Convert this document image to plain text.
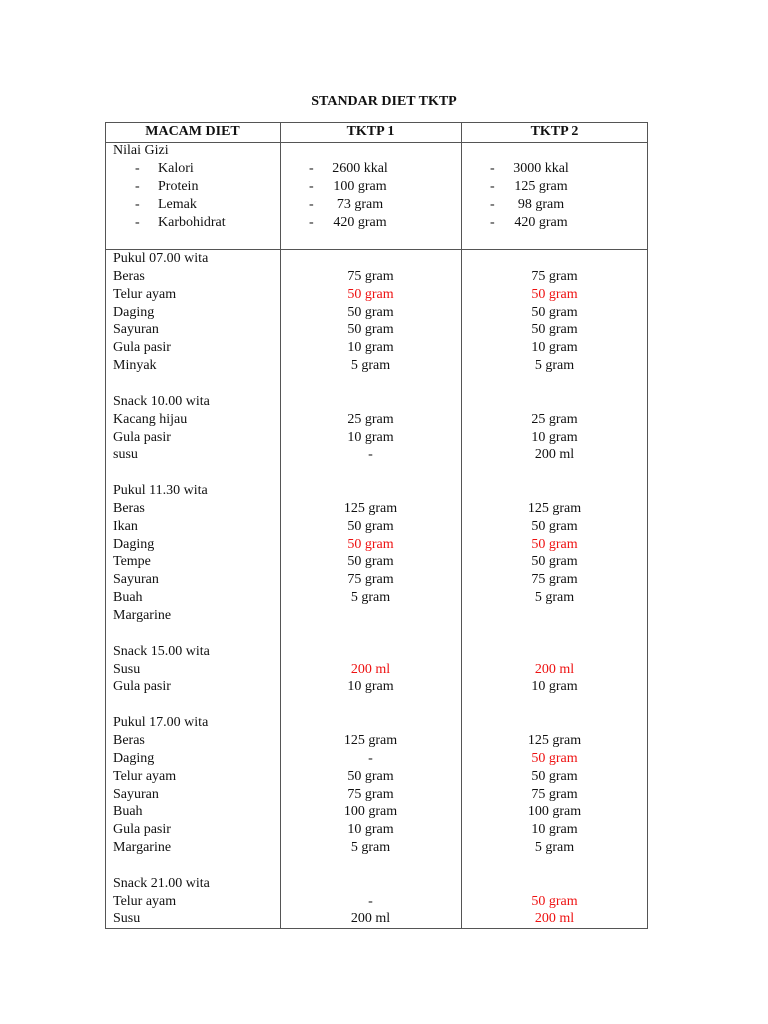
STANDAR DIET TKTP
MACAM DIET	TKTP 1	TKTP 2
Nilai Gizi
- Kalori	-	2600 kkal	-	3000 kkal
- Protein	-	100 gram	-	125 gram
- Lemak	-	73 gram	-	98 gram
- Karbohidrat	-	420 gram	-	420 gram
Pukul 07.00 wita
Beras	75 gram	75 gram
Telur ayam	50 gram	50 gram
Daging	50 gram	50 gram
Sayuran	50 gram	50 gram
Gula pasir	10 gram	10 gram
Minyak	5 gram	5 gram
Snack 10.00 wita
Kacang hijau	25 gram	25 gram
Gula pasir	10 gram	10 gram
susu	-	200 ml
Pukul 11.30 wita
Beras	125 gram	125 gram
Ikan	50 gram	50 gram
Daging	50 gram	50 gram
Tempe	50 gram	50 gram
Sayuran	75 gram	75 gram
Buah	5 gram	5 gram
Margarine
Snack 15.00 wita
Susu	200 ml	200 ml
Gula pasir	10 gram	10 gram
Pukul 17.00 wita
Beras	125 gram	125 gram
Daging	-	50 gram
Telur ayam	50 gram	50 gram
Sayuran	75 gram	75 gram
Buah	100 gram	100 gram
Gula pasir	10 gram	10 gram
Margarine	5 gram	5 gram
Snack 21.00 wita
Telur ayam	-	50 gram
Susu	200 ml	200 ml
